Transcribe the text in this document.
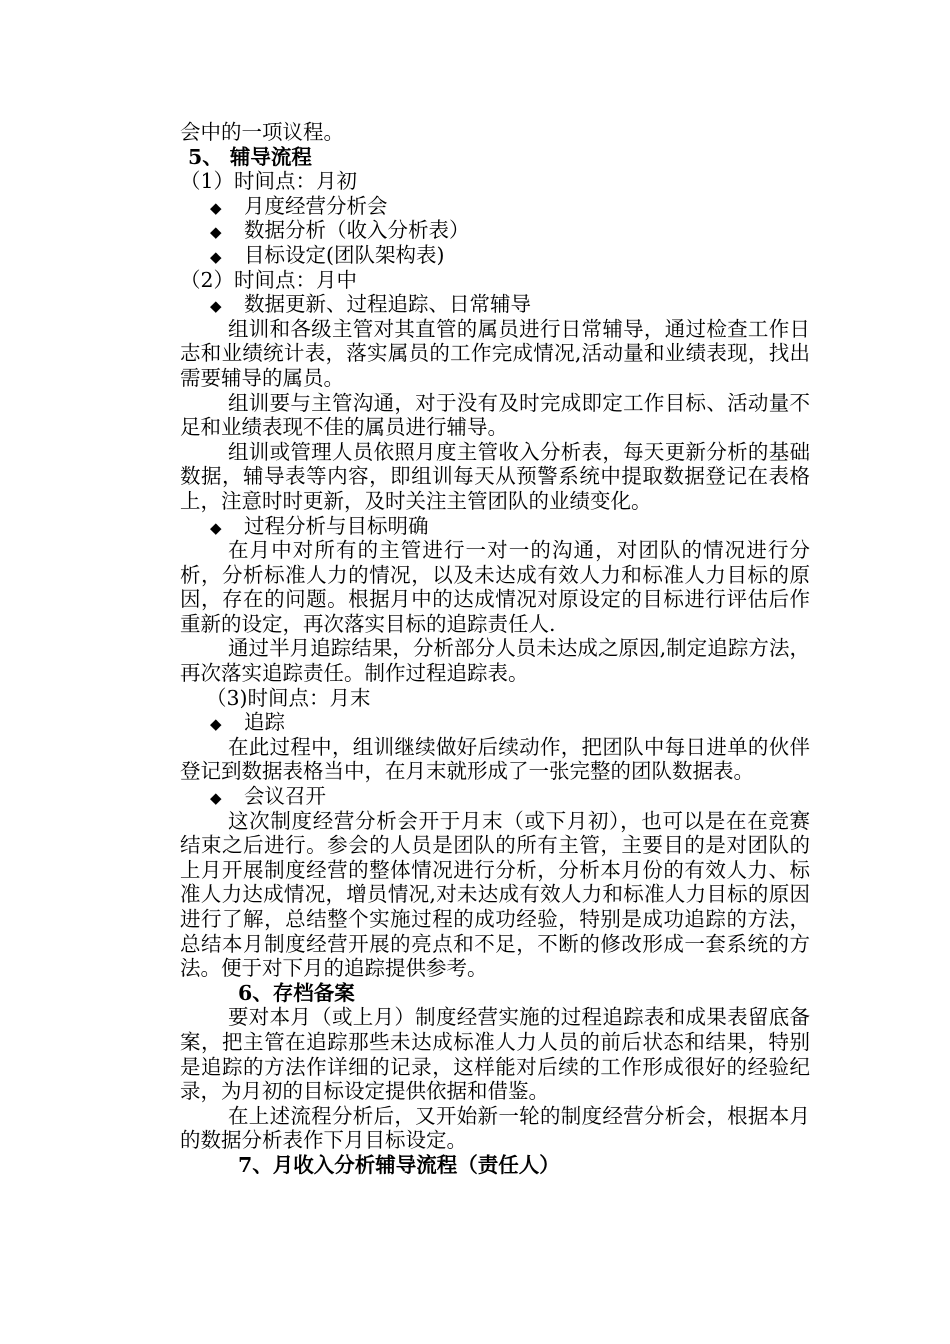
会中的一项议程。
5、 辅导流程
（1）时间点：月初
◆ 月度经营分析会
◆ 数据分析（收入分析表）
◆ 目标设定(团队架构表)
（2）时间点：月中
◆ 数据更新、过程追踪、日常辅导
组训和各级主管对其直管的属员进行日常辅导，通过检查工作日志和业绩统计表，落实属员的工作完成情况,活动量和业绩表现，找出需要辅导的属员。
组训要与主管沟通，对于没有及时完成即定工作目标、活动量不足和业绩表现不佳的属员进行辅导。
组训或管理人员依照月度主管收入分析表，每天更新分析的基础数据，辅导表等内容，即组训每天从预警系统中提取数据登记在表格上，注意时时更新，及时关注主管团队的业绩变化。
◆ 过程分析与目标明确
在月中对所有的主管进行一对一的沟通，对团队的情况进行分析，分析标准人力的情况，以及未达成有效人力和标准人力目标的原因，存在的问题。根据月中的达成情况对原设定的目标进行评估后作重新的设定，再次落实目标的追踪责任人.
通过半月追踪结果，分析部分人员未达成之原因,制定追踪方法，再次落实追踪责任。制作过程追踪表。
（3)时间点：月末
◆ 追踪
在此过程中，组训继续做好后续动作，把团队中每日进单的伙伴登记到数据表格当中，在月末就形成了一张完整的团队数据表。
◆ 会议召开
这次制度经营分析会开于月末（或下月初），也可以是在在竞赛结束之后进行。参会的人员是团队的所有主管，主要目的是对团队的上月开展制度经营的整体情况进行分析，分析本月份的有效人力、标准人力达成情况，增员情况,对未达成有效人力和标准人力目标的原因进行了解，总结整个实施过程的成功经验，特别是成功追踪的方法，总结本月制度经营开展的亮点和不足，不断的修改形成一套系统的方法。便于对下月的追踪提供参考。
6、存档备案
要对本月（或上月）制度经营实施的过程追踪表和成果表留底备案，把主管在追踪那些未达成标准人力人员的前后状态和结果，特别是追踪的方法作详细的记录，这样能对后续的工作形成很好的经验纪录，为月初的目标设定提供依据和借鉴。
在上述流程分析后，又开始新一轮的制度经营分析会，根据本月的数据分析表作下月目标设定。
7、月收入分析辅导流程（责任人）
